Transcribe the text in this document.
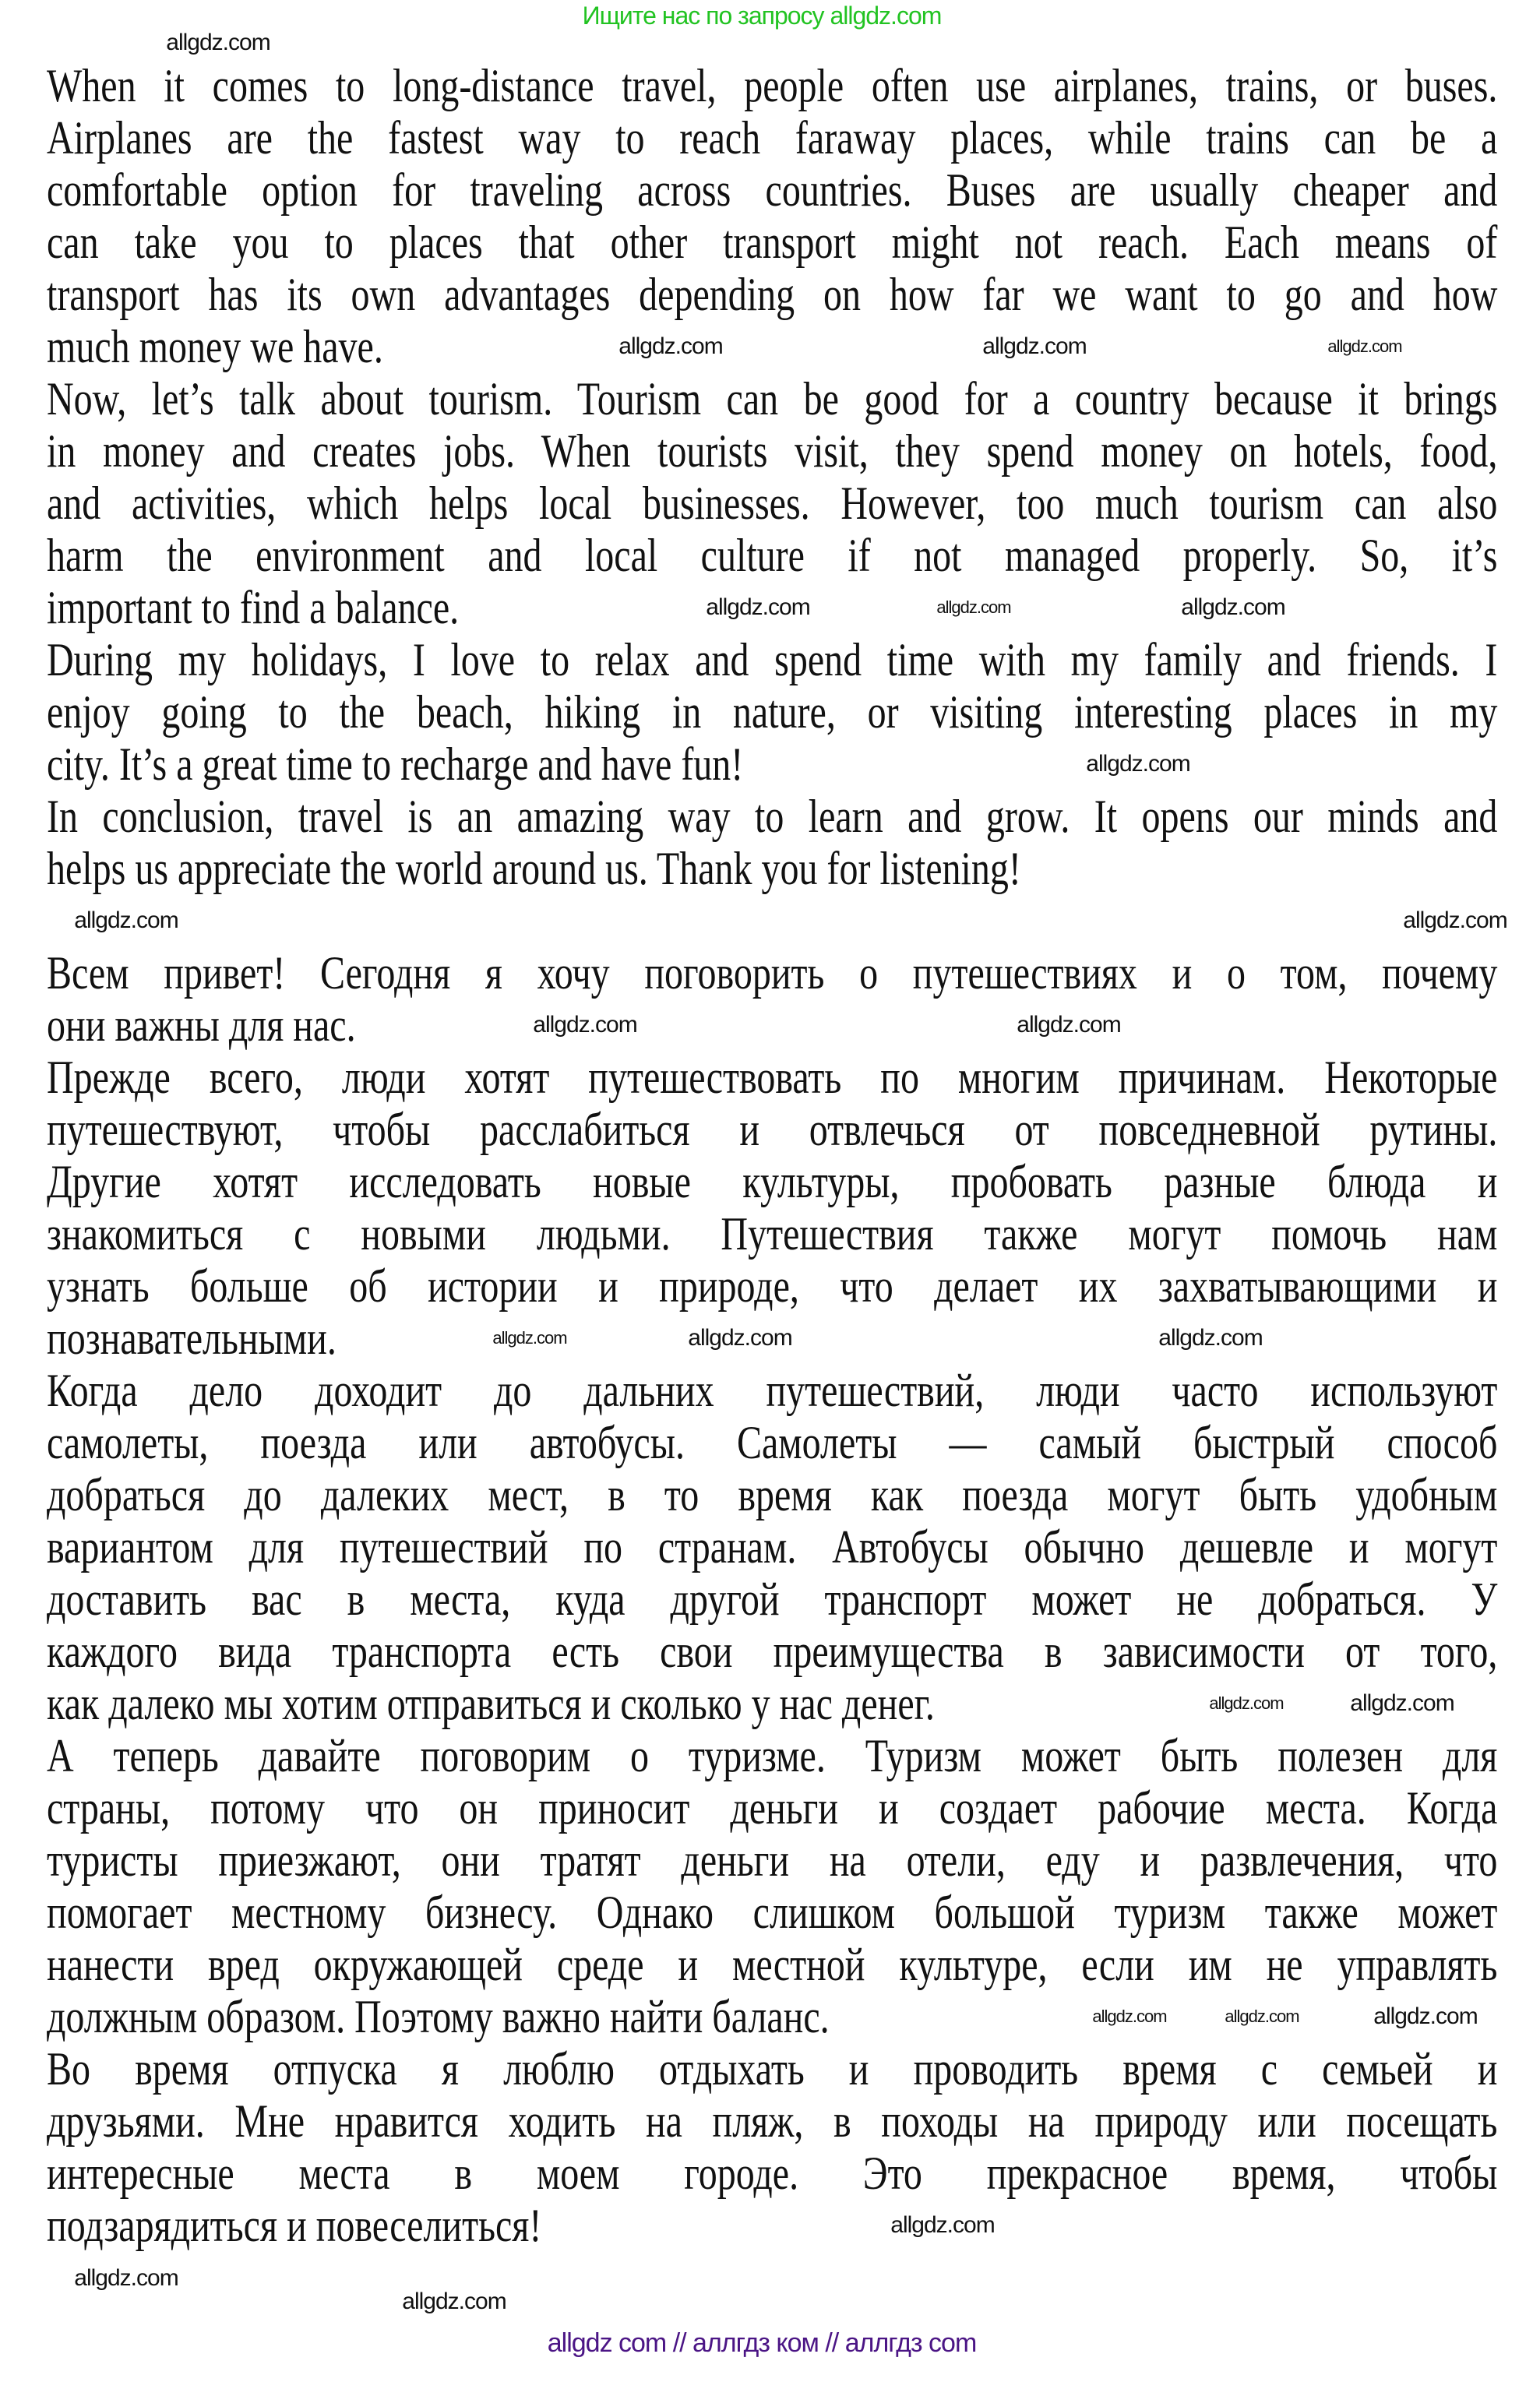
Ищите нас по запросу allgdz.com
When it comes to long-distance travel, people often use airplanes, trains, or buses.
Airplanes are the fastest way to reach faraway places, while trains can be a
comfortable option for traveling across countries. Buses are usually cheaper and
can take you to places that other transport might not reach. Each means of
transport has its own advantages depending on how far we want to go and how
much money we have.
Now, let’s talk about tourism. Tourism can be good for a country because it brings
in money and creates jobs. When tourists visit, they spend money on hotels, food,
and activities, which helps local businesses. However, too much tourism can also
harm the environment and local culture if not managed properly. So, it’s
important to find a balance.
During my holidays, I love to relax and spend time with my family and friends. I
enjoy going to the beach, hiking in nature, or visiting interesting places in my
city. It’s a great time to recharge and have fun!
In conclusion, travel is an amazing way to learn and grow. It opens our minds and
helps us appreciate the world around us. Thank you for listening!

Всем привет! Сегодня я хочу поговорить о путешествиях и о том, почему
они важны для нас.
Прежде всего, люди хотят путешествовать по многим причинам. Некоторые
путешествуют, чтобы расслабиться и отвлечься от повседневной рутины.
Другие хотят исследовать новые культуры, пробовать разные блюда и
знакомиться с новыми людьми. Путешествия также могут помочь нам
узнать больше об истории и природе, что делает их захватывающими и
познавательными.
Когда дело доходит до дальних путешествий, люди часто используют
самолеты, поезда или автобусы. Самолеты — самый быстрый способ
добраться до далеких мест, в то время как поезда могут быть удобным
вариантом для путешествий по странам. Автобусы обычно дешевле и могут
доставить вас в места, куда другой транспорт может не добраться. У
каждого вида транспорта есть свои преимущества в зависимости от того,
как далеко мы хотим отправиться и сколько у нас денег.
А теперь давайте поговорим о туризме. Туризм может быть полезен для
страны, потому что он приносит деньги и создает рабочие места. Когда
туристы приезжают, они тратят деньги на отели, еду и развлечения, что
помогает местному бизнесу. Однако слишком большой туризм также может
нанести вред окружающей среде и местной культуре, если им не управлять
должным образом. Поэтому важно найти баланс.
Во время отпуска я люблю отдыхать и проводить время с семьей и
друзьями. Мне нравится ходить на пляж, в походы на природу или посещать
интересные места в моем городе. Это прекрасное время, чтобы
подзарядиться и повеселиться!
allgdz.com
allgdz.com	allgdz.com	allgdz.com
allgdz.com	allgdz.com	allgdz.com
allgdz.com
allgdz.com	allgdz.com
allgdz.com	allgdz.com
allgdz.com	allgdz.com	allgdz.com
allgdz.com	allgdz.com
allgdz.com	allgdz.com	allgdz.com
allgdz.com
allgdz.com
allgdz.com
allgdz com // аллгдз ком // аллгдз com
